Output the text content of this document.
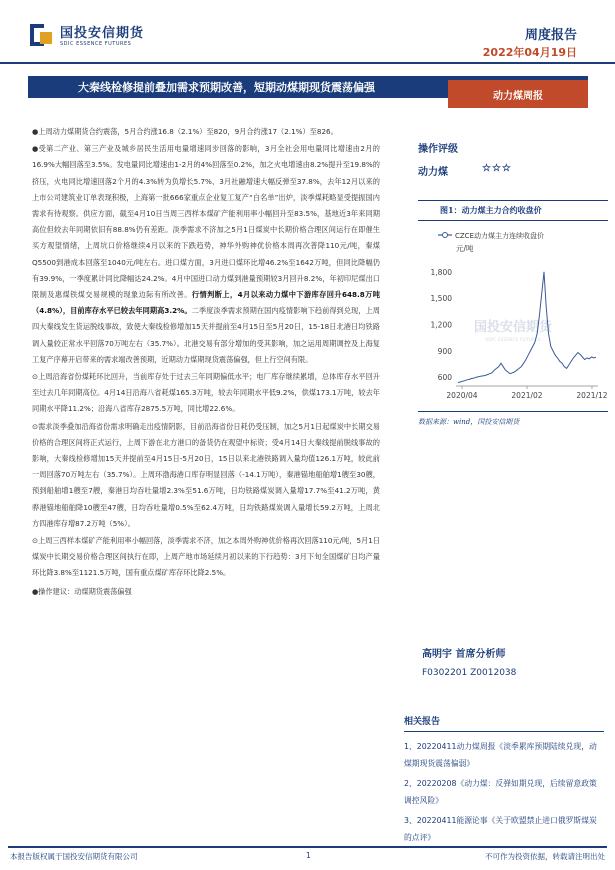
国投安信期货
SDIC ESSENCE FUTURES
周度报告
2022年04月19日
大秦线检修提前叠加需求预期改善，短期动煤期现货震荡偏强
动力煤周报

●上周动力煤期货合约震荡，5月合约涨16.8（2.1%）至820，9月合约涨17（2.1%）至826。

●受第二产业、第三产业及城乡居民生活用电量增速同步回落的影响，3月全社会用电量同比增速由2月的16.9%大幅回落至3.5%。发电量同比增速由1-2月的4%回落至0.2%，加之火电增速由8.2%提升至19.8%的挤压，火电同比增速回落2个月的4.3%转为负增长5.7%、3月社融增速大幅反弹至37.8%，去年12月以来的上市公司建筑业订单表现积极，上海第一批666家重点企业复工复产“白名单”出炉，淡季煤耗略显受提振国内需求有待观察。供应方面，截至4月10日当周三西样本煤矿产能利用率小幅回升至83.5%，基地近3年来同期高位但较去年同期依旧有88.8%仍有差距。淡季需求不济加之5月1日煤炭中长期价格合理区间运行在即催生买方观望情绪，上周坑口价格继续4月以来的下跌趋势，神华外购神优价格本周再次普降110元/吨，秦煤Q5500到港成本回落至1040元/吨左右。进口煤方面，3月进口煤环比增46.2%至1642万吨，但同比降幅仍有39.9%，一季度累计同比降幅达24.2%。4月中国进口动力煤到港量预期较3月回升8.2%，年初印尼煤出口限制及惠煤铁煤交易规模的现象边际有所改善。行情判断上，4月以来动力煤中下游库存回升648.8万吨（4.8%），目前库存水平已较去年同期高3.2%。二季度淡季需求预期在国内疫情影响下趋前得到兑现，上周四大秦线发生货运脱线事故，致使大秦线检修增加15天并提前至4月15日至5月20日，15-18日北港日均铁路调入量较正常水平回落70万吨左右（35.7%）。北港交易有部分增加的受其影响，加之运用周期调控及上海复工复产序幕开启带来的需求端改善预期，近期动力煤期现货震荡偏强，但上行空间有限。

⊙上周沿海省份煤耗环比回升，当前库存处于过去三年同期偏低水平；电厂库存继续累增，总体库存水平回升至过去几年同期高位。4月14日沿海八省耗煤165.3万吨，较去年同期水平低9.2%，供煤173.1万吨，较去年同期水平降11.2%；沿海八省库存2875.5万吨，同比增22.6%。

⊙需求淡季叠加沿海省份需求明确走出疫情阴影，目前沿海省份日耗仍受压制，加之5月1日起煤炭中长期交易价格的合理区间将正式运行，上周下游在北方港口的备货仍在观望中标资；受4月14日大秦线提前脱线事故的影响，大秦线检修增加15天并提前至4月15日-5月20日，15日以来北港铁路调入量均值126.1万吨，较此前一周回落70万吨左右（35.7%）。上周环渤海港口库存明显回落（-14.1万吨），秦港锚地船舶增1艘至30艘，预到船舶增1艘至7艘，秦港日均吞吐量增2.3%至51.6万吨，日均铁路煤炭调入量增17.7%至41.2万吨，黄骅港锚地船舶降10艘至47艘，日均吞吐量增0.5%至62.4万吨，日均铁路煤炭调入量增长59.2万吨，上周北方四港库存增87.2万吨（5%）。

⊙上周三西样本煤矿产能利用率小幅回落，淡季需求不济，加之本周外购神优价格再次回落110元/吨，5月1日煤炭中长期交易价格合理区间执行在即，上周产地市场延续月初以来的下行趋势：3月下旬全国煤矿日均产量环比降3.8%至1121.5万吨，国有重点煤矿库存环比降2.5%。

●操作建议：动煤期货震荡偏强

操作评级
动力煤	☆☆☆
图1：动力煤主力合约收盘价
国投安信期货
SDIC ESSENCE FUTURES
CZCE动力煤主力连续收盘价
元/吨
600
900
1,200
1,500
1,800
2020/04	2021/02	2021/12
数据来源：wind，国投安信期货
高明宇 首席分析师
F0302201 Z0012038
相关报告
1、20220411动力煤周报《淡季累库预期陆续兑现，动煤期现货震荡偏弱》
2、20220208《动力煤：反弹如期兑现，后续留意政策调控风险》
3、20220411能源论事《关于欧盟禁止进口俄罗斯煤炭的点评》
本报告版权属于国投安信期货有限公司	1	不可作为投资依据，转载请注明出处
